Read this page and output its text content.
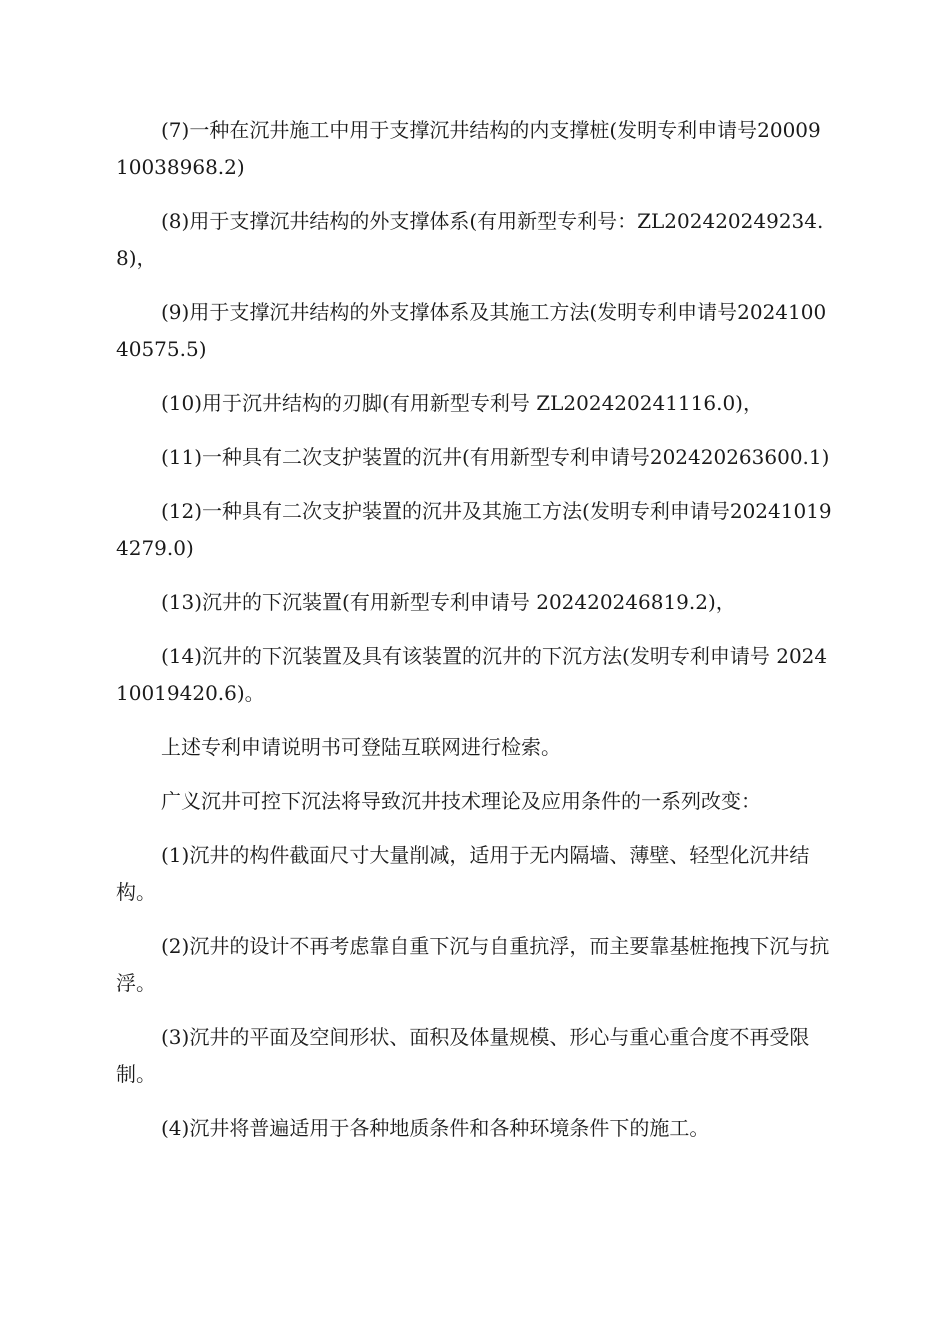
(7)一种在沉井施工中用于支撑沉井结构的内支撑桩(发明专利申请号2000910038968.2)

(8)用于支撑沉井结构的外支撑体系(有用新型专利号：ZL202420249234.8)，

(9)用于支撑沉井结构的外支撑体系及其施工方法(发明专利申请号202410040575.5)

(10)用于沉井结构的刃脚(有用新型专利号 ZL202420241116.0)，

(11)一种具有二次支护装置的沉井(有用新型专利申请号202420263600.1)

(12)一种具有二次支护装置的沉井及其施工方法(发明专利申请号202410194279.0)

(13)沉井的下沉装置(有用新型专利申请号 202420246819.2)，

(14)沉井的下沉装置及具有该装置的沉井的下沉方法(发明专利申请号 202410019420.6)。

上述专利申请说明书可登陆互联网进行检索。

广义沉井可控下沉法将导致沉井技术理论及应用条件的一系列改变：

(1)沉井的构件截面尺寸大量削减，适用于无内隔墙、薄壁、轻型化沉井结构。

(2)沉井的设计不再考虑靠自重下沉与自重抗浮，而主要靠基桩拖拽下沉与抗浮。

(3)沉井的平面及空间形状、面积及体量规模、形心与重心重合度不再受限制。

(4)沉井将普遍适用于各种地质条件和各种环境条件下的施工。
